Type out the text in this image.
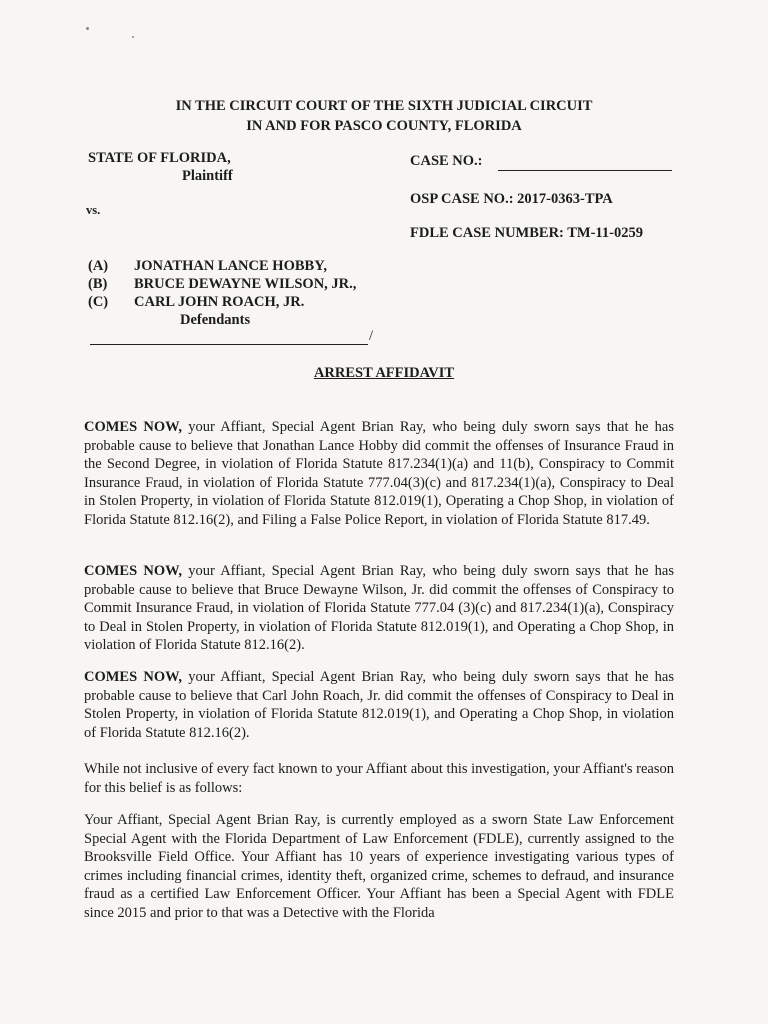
IN THE CIRCUIT COURT OF THE SIXTH JUDICIAL CIRCUIT
IN AND FOR PASCO COUNTY, FLORIDA
STATE OF FLORIDA,
Plaintiff
vs.
CASE NO.:
OSP CASE NO.: 2017-0363-TPA
FDLE CASE NUMBER: TM-11-0259
(A) JONATHAN LANCE HOBBY,
(B) BRUCE DEWAYNE WILSON, JR.,
(C) CARL JOHN ROACH, JR.
Defendants
/
ARREST AFFIDAVIT
COMES NOW, your Affiant, Special Agent Brian Ray, who being duly sworn says that he has probable cause to believe that Jonathan Lance Hobby did commit the offenses of Insurance Fraud in the Second Degree, in violation of Florida Statute 817.234(1)(a) and 11(b), Conspiracy to Commit Insurance Fraud, in violation of Florida Statute 777.04(3)(c) and 817.234(1)(a), Conspiracy to Deal in Stolen Property, in violation of Florida Statute 812.019(1), Operating a Chop Shop, in violation of Florida Statute 812.16(2), and Filing a False Police Report, in violation of Florida Statute 817.49.
COMES NOW, your Affiant, Special Agent Brian Ray, who being duly sworn says that he has probable cause to believe that Bruce Dewayne Wilson, Jr. did commit the offenses of Conspiracy to Commit Insurance Fraud, in violation of Florida Statute 777.04 (3)(c) and 817.234(1)(a), Conspiracy to Deal in Stolen Property, in violation of Florida Statute 812.019(1), and Operating a Chop Shop, in violation of Florida Statute 812.16(2).
COMES NOW, your Affiant, Special Agent Brian Ray, who being duly sworn says that he has probable cause to believe that Carl John Roach, Jr. did commit the offenses of Conspiracy to Deal in Stolen Property, in violation of Florida Statute 812.019(1), and Operating a Chop Shop, in violation of Florida Statute 812.16(2).
While not inclusive of every fact known to your Affiant about this investigation, your Affiant's reason for this belief is as follows:
Your Affiant, Special Agent Brian Ray, is currently employed as a sworn State Law Enforcement Special Agent with the Florida Department of Law Enforcement (FDLE), currently assigned to the Brooksville Field Office. Your Affiant has 10 years of experience investigating various types of crimes including financial crimes, identity theft, organized crime, schemes to defraud, and insurance fraud as a certified Law Enforcement Officer. Your Affiant has been a Special Agent with FDLE since 2015 and prior to that was a Detective with the Florida
